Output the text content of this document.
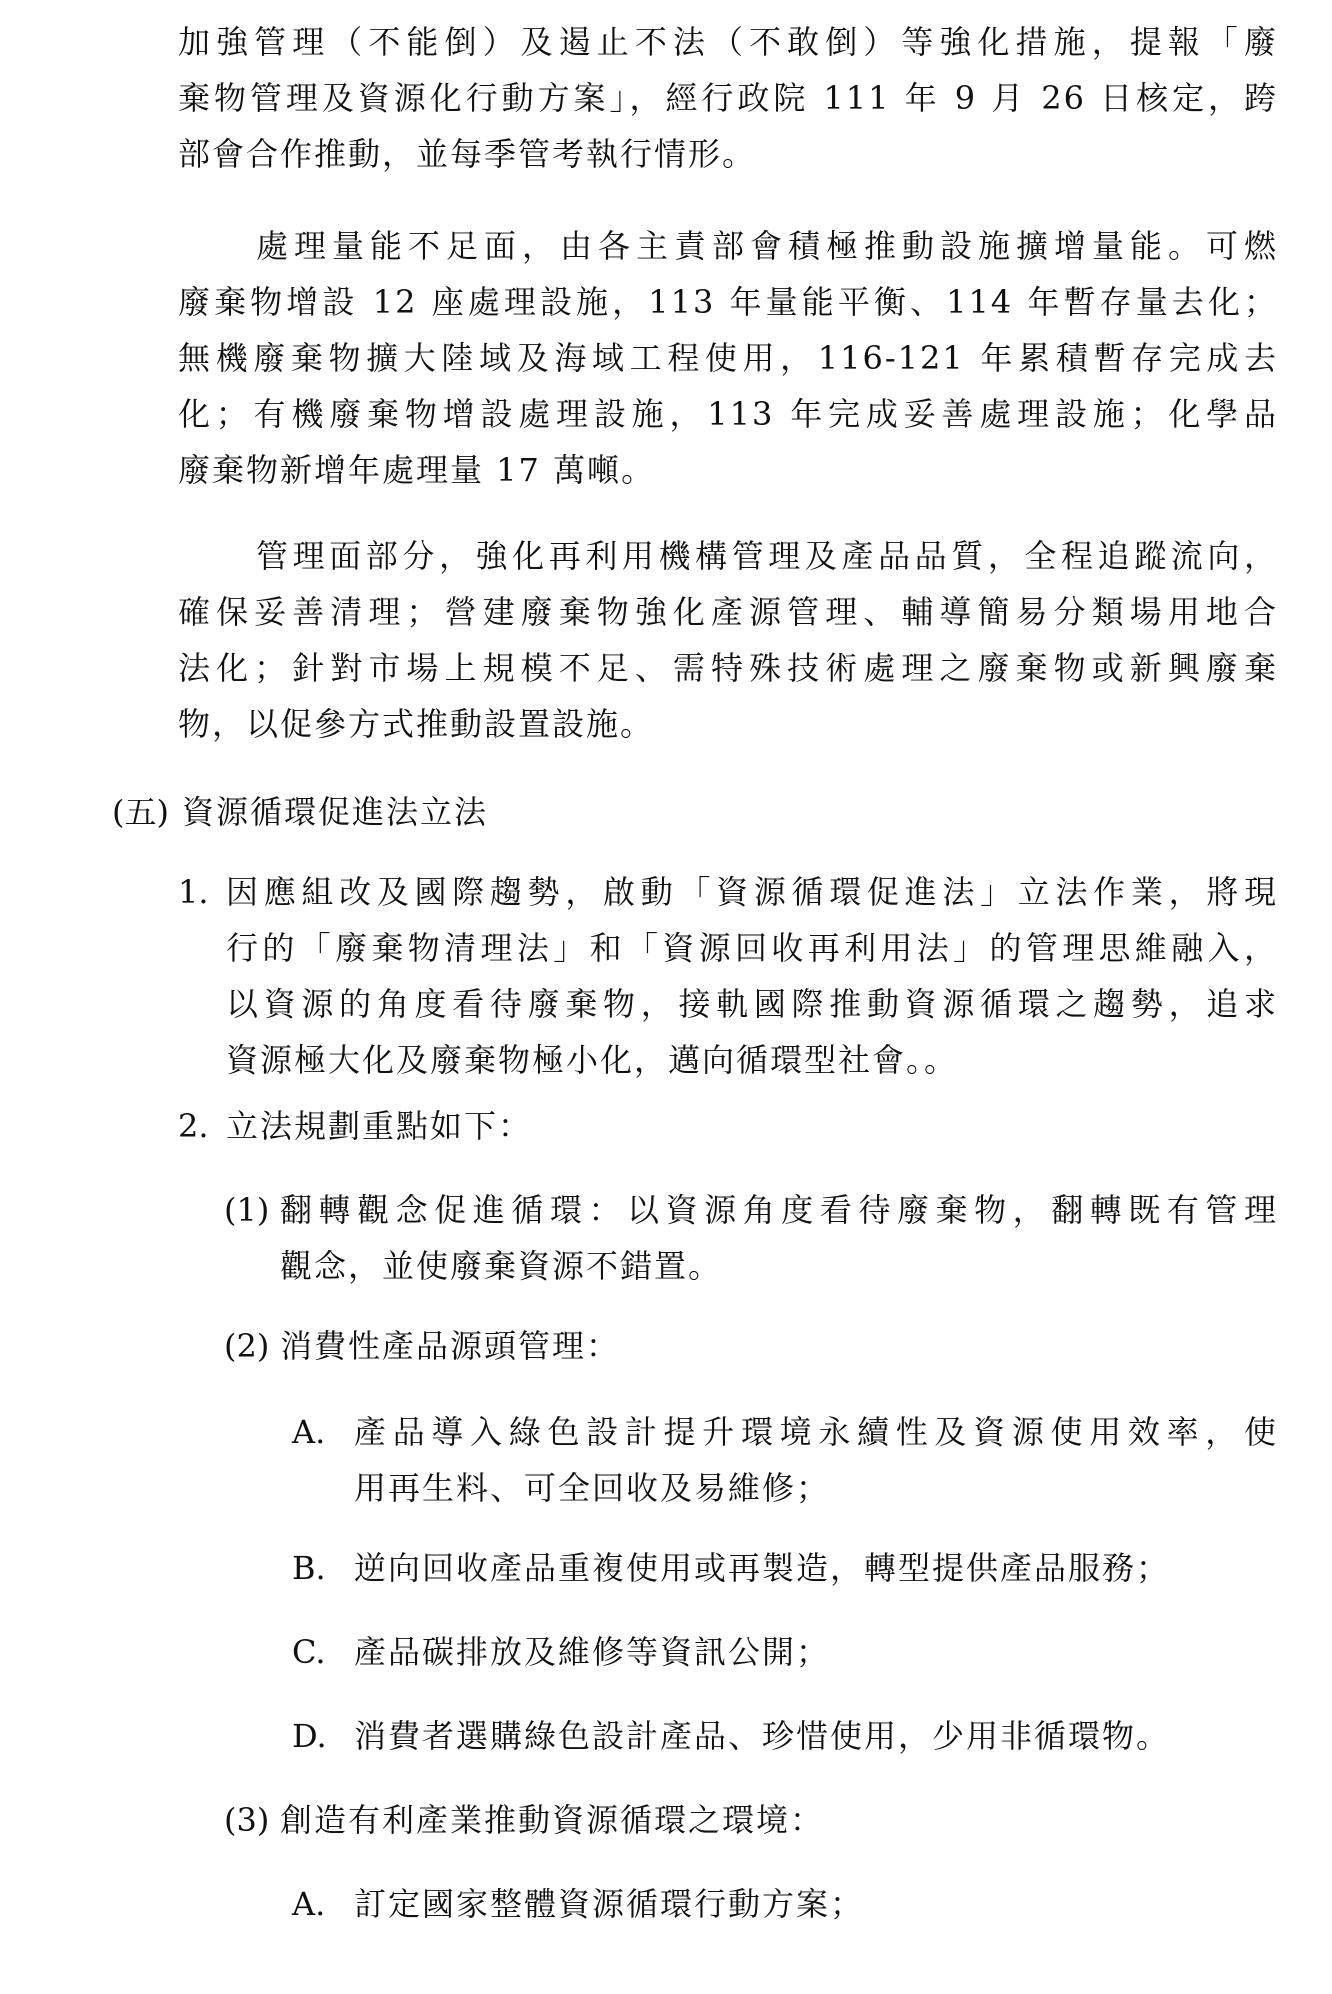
加強管理（不能倒）及遏止不法（不敢倒）等強化措施，提報「廢
棄物管理及資源化行動方案」，經行政院 111 年 9 月 26 日核定，跨
部會合作推動，並每季管考執行情形。
處理量能不足面，由各主責部會積極推動設施擴增量能。可燃
廢棄物增設 12 座處理設施，113 年量能平衡、114 年暫存量去化；
無機廢棄物擴大陸域及海域工程使用，116-121 年累積暫存完成去
化；有機廢棄物增設處理設施，113 年完成妥善處理設施；化學品
廢棄物新增年處理量 17 萬噸。
管理面部分，強化再利用機構管理及產品品質，全程追蹤流向，
確保妥善清理；營建廢棄物強化產源管理、輔導簡易分類場用地合
法化；針對市場上規模不足、需特殊技術處理之廢棄物或新興廢棄
物，以促參方式推動設置設施。
(五) 資源循環促進法立法
1. 因應組改及國際趨勢，啟動「資源循環促進法」立法作業，將現
行的「廢棄物清理法」和「資源回收再利用法」的管理思維融入，
以資源的角度看待廢棄物，接軌國際推動資源循環之趨勢，追求
資源極大化及廢棄物極小化，邁向循環型社會。。
2. 立法規劃重點如下：
(1) 翻轉觀念促進循環：以資源角度看待廢棄物，翻轉既有管理
觀念，並使廢棄資源不錯置。
(2) 消費性產品源頭管理：
A. 產品導入綠色設計提升環境永續性及資源使用效率，使
用再生料、可全回收及易維修；
B. 逆向回收產品重複使用或再製造，轉型提供產品服務；
C. 產品碳排放及維修等資訊公開；
D. 消費者選購綠色設計產品、珍惜使用，少用非循環物。
(3) 創造有利產業推動資源循環之環境：
A. 訂定國家整體資源循環行動方案；
